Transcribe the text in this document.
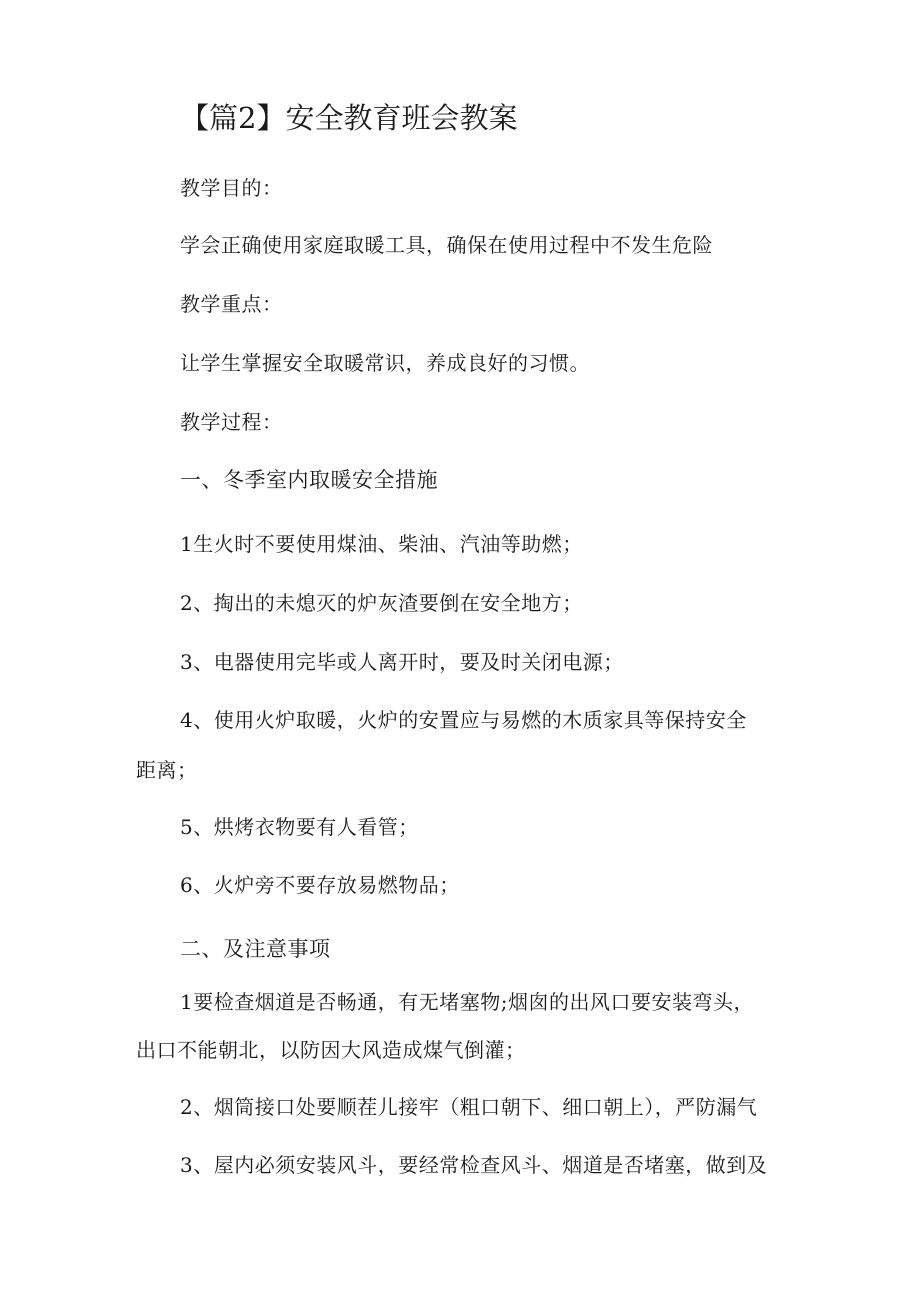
【篇2】安全教育班会教案
教学目的：
学会正确使用家庭取暖工具，确保在使用过程中不发生危险
教学重点：
让学生掌握安全取暖常识，养成良好的习惯。
教学过程：
一、冬季室内取暖安全措施
1生火时不要使用煤油、柴油、汽油等助燃；
2、掏出的未熄灭的炉灰渣要倒在安全地方；
3、电器使用完毕或人离开时，要及时关闭电源；
4、使用火炉取暖，火炉的安置应与易燃的木质家具等保持安全
距离；
5、烘烤衣物要有人看管；
6、火炉旁不要存放易燃物品；
二、及注意事项
1要检查烟道是否畅通，有无堵塞物;烟囱的出风口要安装弯头，
出口不能朝北，以防因大风造成煤气倒灌；
2、烟筒接口处要顺茬儿接牢（粗口朝下、细口朝上），严防漏气
3、屋内必须安装风斗，要经常检查风斗、烟道是否堵塞，做到及
